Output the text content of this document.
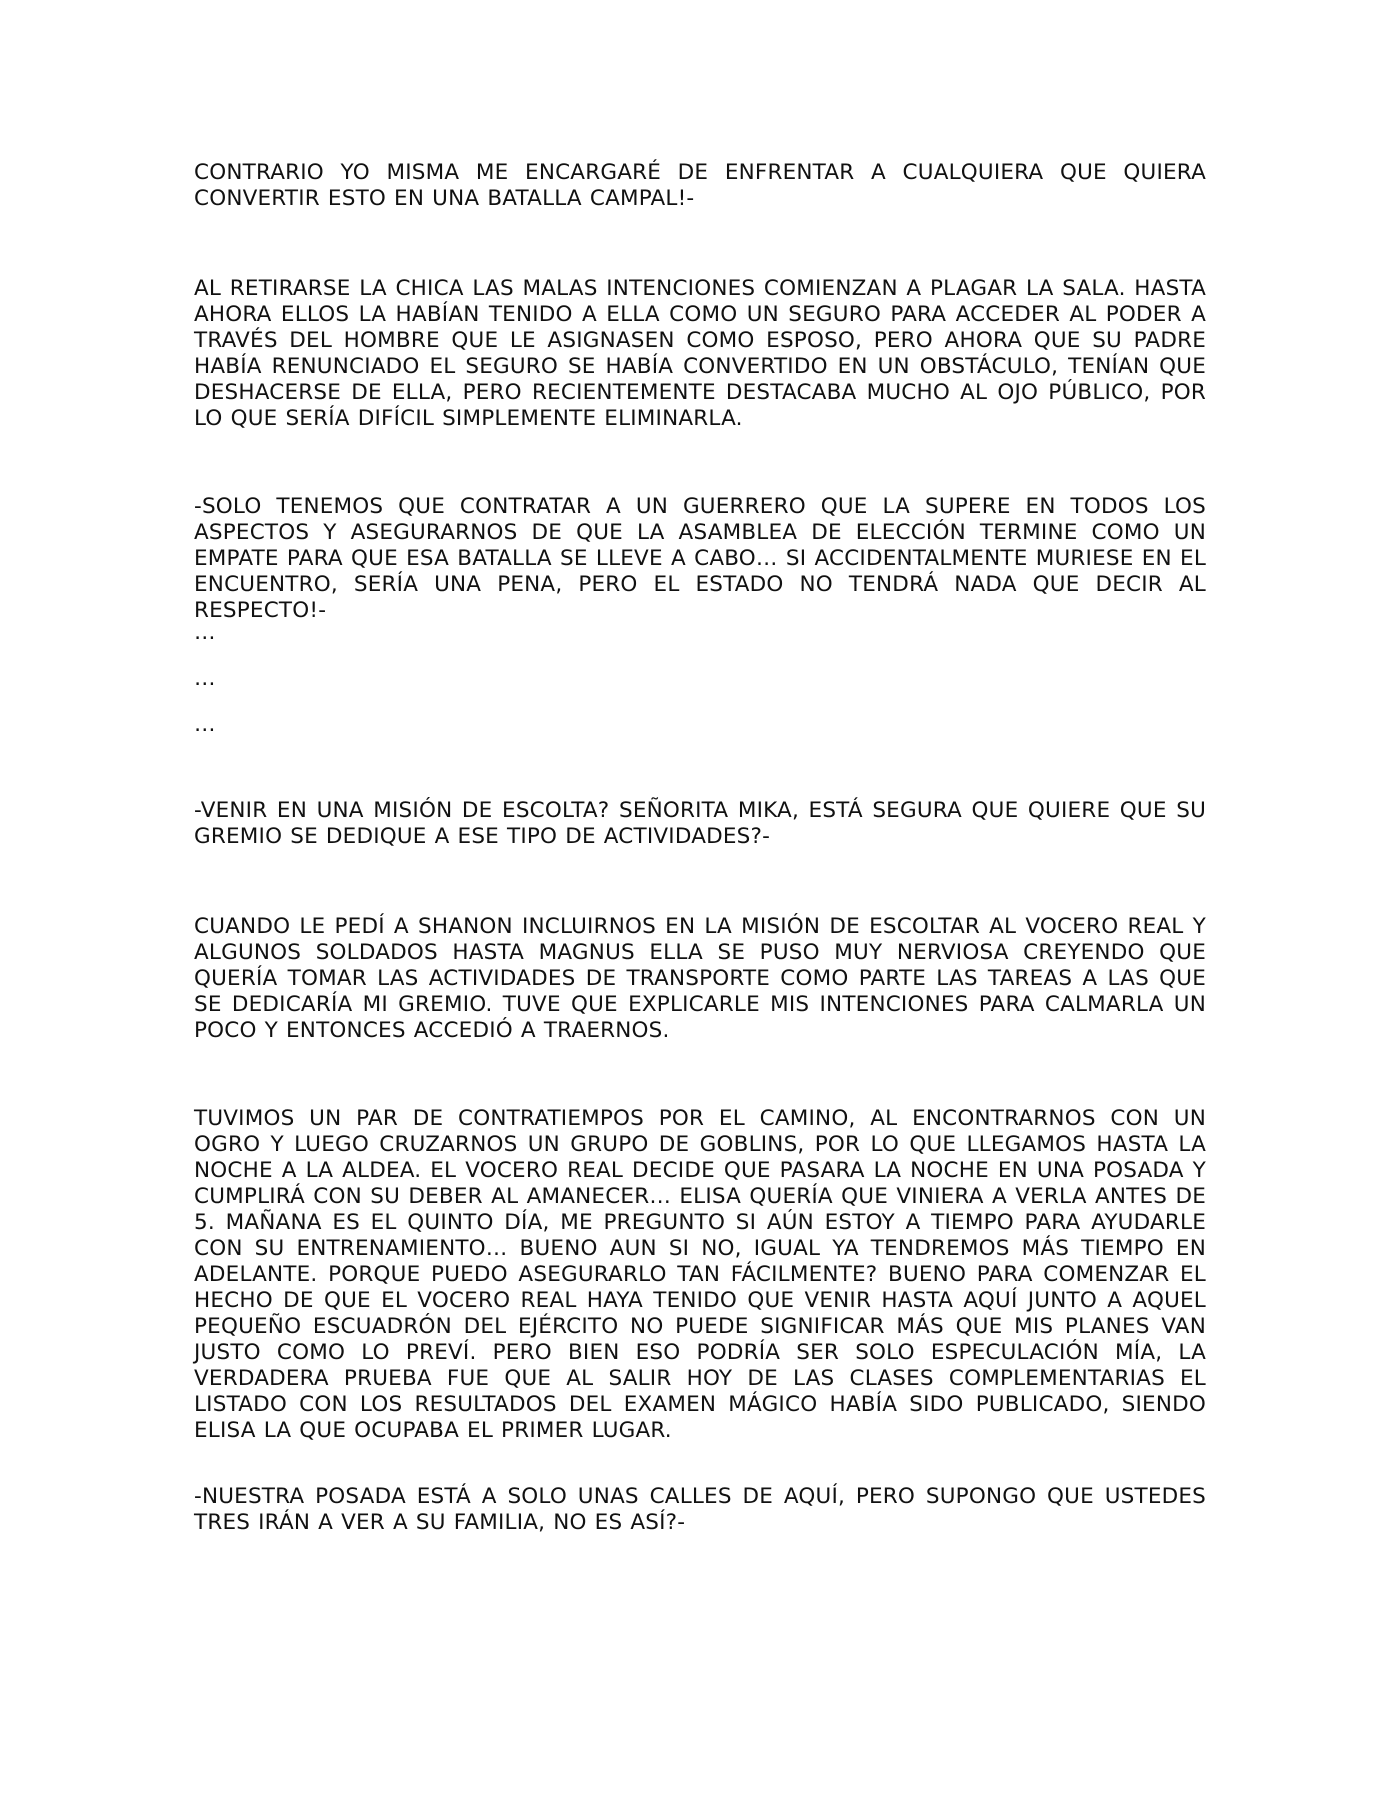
CONTRARIO YO MISMA ME ENCARGARÉ DE ENFRENTAR A CUALQUIERA QUE QUIERA CONVERTIR ESTO EN UNA BATALLA CAMPAL!-

AL RETIRARSE LA CHICA LAS MALAS INTENCIONES COMIENZAN A PLAGAR LA SALA. HASTA AHORA ELLOS LA HABÍAN TENIDO A ELLA COMO UN SEGURO PARA ACCEDER AL PODER A TRAVÉS DEL HOMBRE QUE LE ASIGNASEN COMO ESPOSO, PERO AHORA QUE SU PADRE HABÍA RENUNCIADO EL SEGURO SE HABÍA CONVERTIDO EN UN OBSTÁCULO, TENÍAN QUE DESHACERSE DE ELLA, PERO RECIENTEMENTE DESTACABA MUCHO AL OJO PÚBLICO, POR LO QUE SERÍA DIFÍCIL SIMPLEMENTE ELIMINARLA.

-SOLO TENEMOS QUE CONTRATAR A UN GUERRERO QUE LA SUPERE EN TODOS LOS ASPECTOS Y ASEGURARNOS DE QUE LA ASAMBLEA DE ELECCIÓN TERMINE COMO UN EMPATE PARA QUE ESA BATALLA SE LLEVE A CABO… SI ACCIDENTALMENTE MURIESE EN EL ENCUENTRO, SERÍA UNA PENA, PERO EL ESTADO NO TENDRÁ NADA QUE DECIR AL RESPECTO!-

…

…

…

-VENIR EN UNA MISIÓN DE ESCOLTA? SEÑORITA MIKA, ESTÁ SEGURA QUE QUIERE QUE SU GREMIO SE DEDIQUE A ESE TIPO DE ACTIVIDADES?-

CUANDO LE PEDÍ A SHANON INCLUIRNOS EN LA MISIÓN DE ESCOLTAR AL VOCERO REAL Y ALGUNOS SOLDADOS HASTA MAGNUS ELLA SE PUSO MUY NERVIOSA CREYENDO QUE QUERÍA TOMAR LAS ACTIVIDADES DE TRANSPORTE COMO PARTE LAS TAREAS A LAS QUE SE DEDICARÍA MI GREMIO. TUVE QUE EXPLICARLE MIS INTENCIONES PARA CALMARLA UN POCO Y ENTONCES ACCEDIÓ A TRAERNOS.

TUVIMOS UN PAR DE CONTRATIEMPOS POR EL CAMINO, AL ENCONTRARNOS CON UN OGRO Y LUEGO CRUZARNOS UN GRUPO DE GOBLINS, POR LO QUE LLEGAMOS HASTA LA NOCHE A LA ALDEA. EL VOCERO REAL DECIDE QUE PASARA LA NOCHE EN UNA POSADA Y CUMPLIRÁ CON SU DEBER AL AMANECER… ELISA QUERÍA QUE VINIERA A VERLA ANTES DE 5. MAÑANA ES EL QUINTO DÍA, ME PREGUNTO SI AÚN ESTOY A TIEMPO PARA AYUDARLE CON SU ENTRENAMIENTO… BUENO AUN SI NO, IGUAL YA TENDREMOS MÁS TIEMPO EN ADELANTE. PORQUE PUEDO ASEGURARLO TAN FÁCILMENTE? BUENO PARA COMENZAR EL HECHO DE QUE EL VOCERO REAL HAYA TENIDO QUE VENIR HASTA AQUÍ JUNTO A AQUEL PEQUEÑO ESCUADRÓN DEL EJÉRCITO NO PUEDE SIGNIFICAR MÁS QUE MIS PLANES VAN JUSTO COMO LO PREVÍ. PERO BIEN ESO PODRÍA SER SOLO ESPECULACIÓN MÍA, LA VERDADERA PRUEBA FUE QUE AL SALIR HOY DE LAS CLASES COMPLEMENTARIAS EL LISTADO CON LOS RESULTADOS DEL EXAMEN MÁGICO HABÍA SIDO PUBLICADO, SIENDO ELISA LA QUE OCUPABA EL PRIMER LUGAR.

-NUESTRA POSADA ESTÁ A SOLO UNAS CALLES DE AQUÍ, PERO SUPONGO QUE USTEDES TRES IRÁN A VER A SU FAMILIA, NO ES ASÍ?-
